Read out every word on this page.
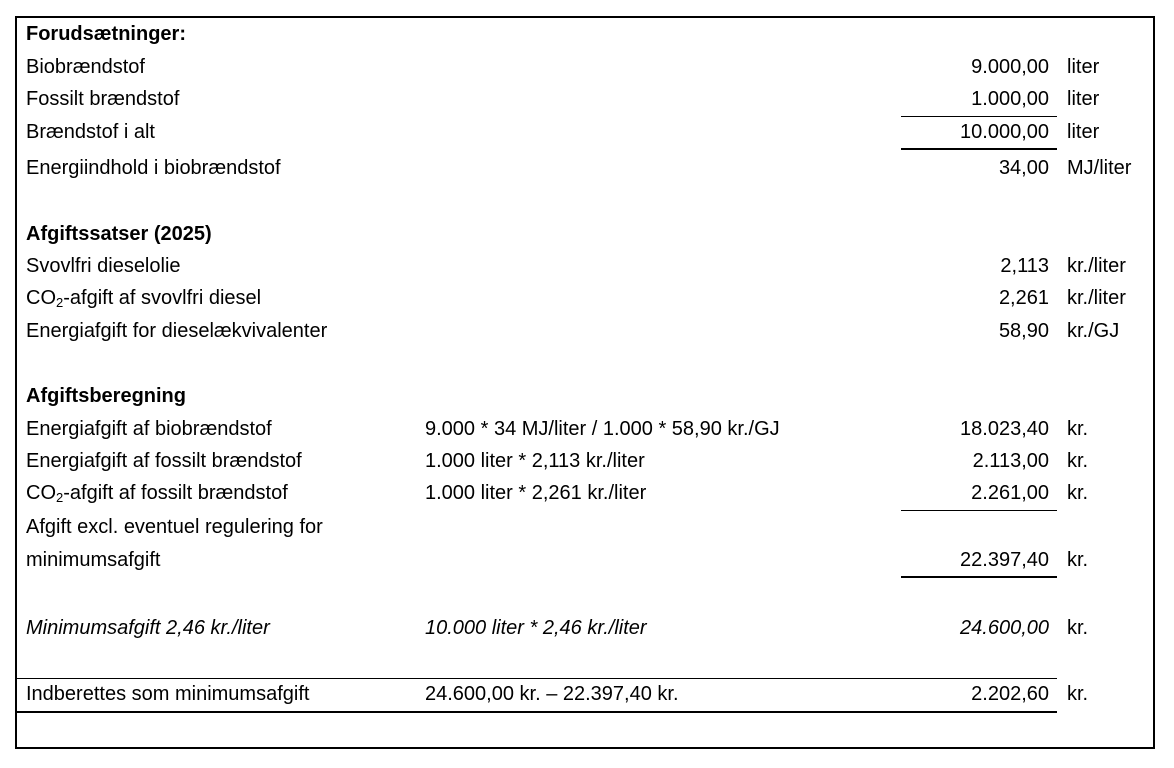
Forudsætninger:
Biobrændstof	9.000,00 liter
Fossilt brændstof	1.000,00 liter
Brændstof i alt	10.000,00 liter
Energiindhold i biobrændstof	34,00 MJ/liter
Afgiftssatser (2025)
Svovlfri dieselolie	2,113 kr./liter
$CO_2$-afgift af svovlfri diesel	2,261 kr./liter
Energiafgift for dieselækvivalenter	58,90 kr./GJ
Afgiftsberegning
Energiafgift af biobrændstof	9.000 * 34 MJ/liter / 1.000 * 58,90 kr./GJ	18.023,40 kr.
Energiafgift af fossilt brændstof	1.000 liter * 2,113 kr./liter	2.113,00 kr.
$CO_2$-afgift af fossilt brændstof	1.000 liter * 2,261 kr./liter	2.261,00 kr.
Afgift excl. eventuel regulering for
minimumsafgift	22.397,40 kr.
Minimumsafgift 2,46 kr./liter	10.000 liter * 2,46 kr./liter	24.600,00 kr.
Indberettes som minimumsafgift	24.600,00 kr. – 22.397,40 kr.	2.202,60 kr.
